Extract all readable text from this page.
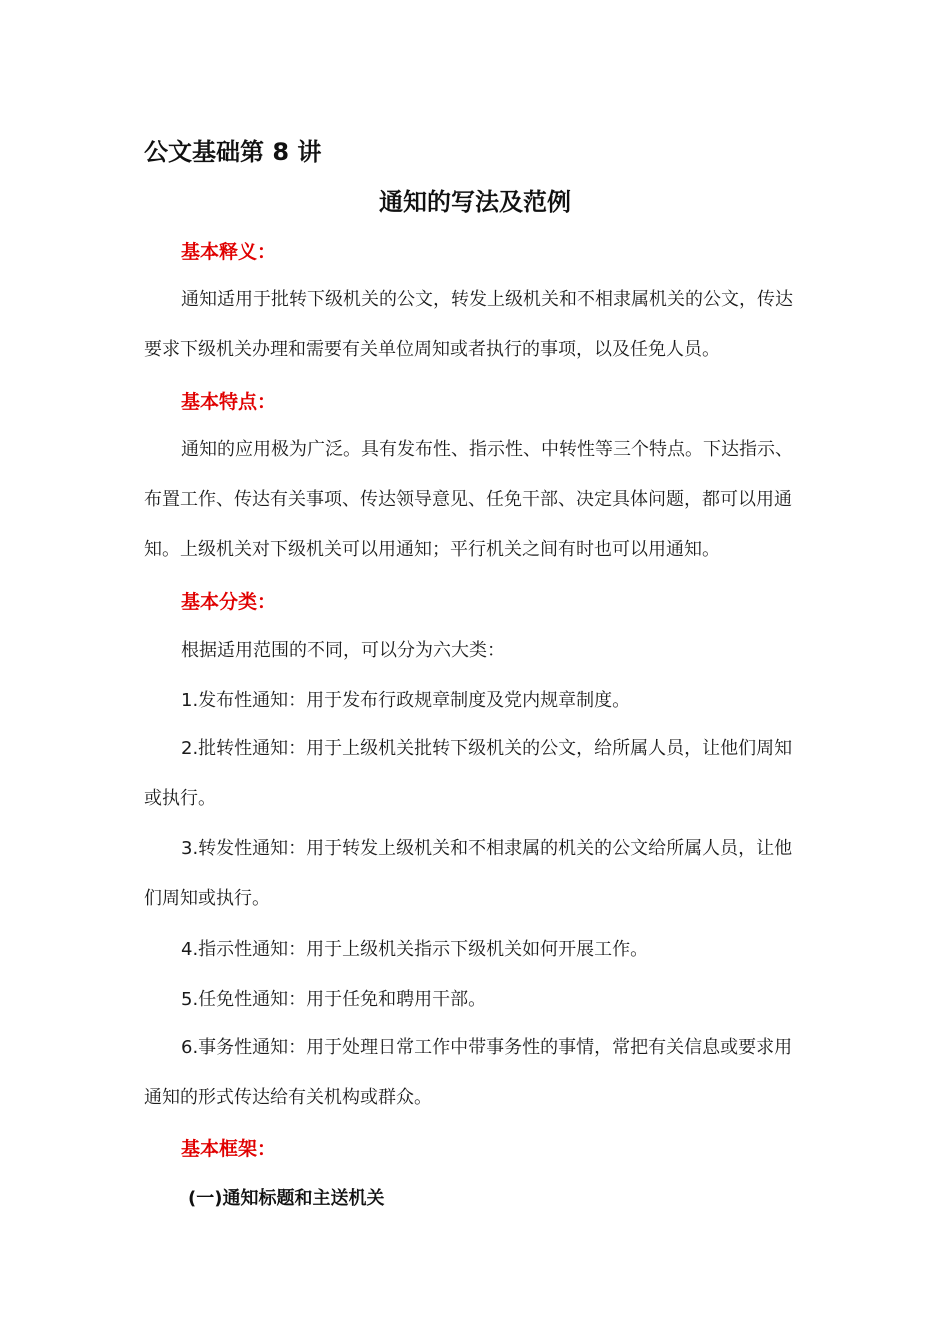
公文基础第 8 讲
通知的写法及范例
基本释义：

通知适用于批转下级机关的公文，转发上级机关和不相隶属机关的公文，传达要求下级机关办理和需要有关单位周知或者执行的事项，以及任免人员。

基本特点：

通知的应用极为广泛。具有发布性、指示性、中转性等三个特点。下达指示、布置工作、传达有关事项、传达领导意见、任免干部、决定具体问题，都可以用通知。上级机关对下级机关可以用通知；平行机关之间有时也可以用通知。

基本分类：
根据适用范围的不同，可以分为六大类：
1.发布性通知：用于发布行政规章制度及党内规章制度。

2.批转性通知：用于上级机关批转下级机关的公文，给所属人员，让他们周知或执行。

3.转发性通知：用于转发上级机关和不相隶属的机关的公文给所属人员，让他们周知或执行。

4.指示性通知：用于上级机关指示下级机关如何开展工作。
5.任免性通知：用于任免和聘用干部。

6.事务性通知：用于处理日常工作中带事务性的事情，常把有关信息或要求用通知的形式传达给有关机构或群众。

基本框架：
(一)通知标题和主送机关
